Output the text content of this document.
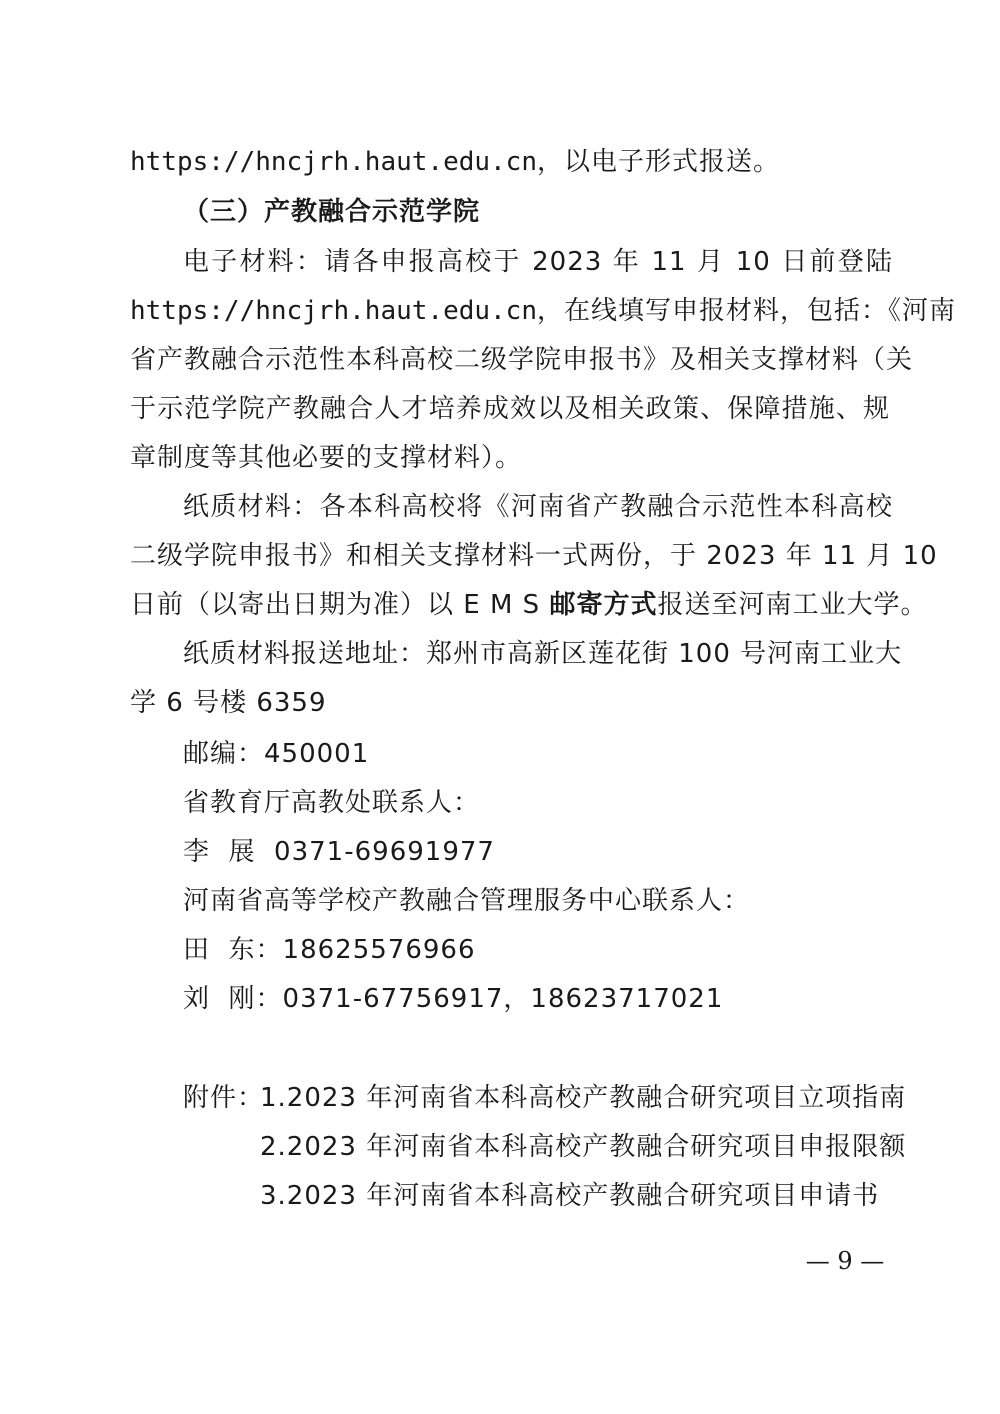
https://hncjrh.haut.edu.cn，以电子形式报送。
（三）产教融合示范学院
电子材料：请各申报高校于 2023 年 11 月 10 日前登陆
https://hncjrh.haut.edu.cn，在线填写申报材料，包括：《河南
省产教融合示范性本科高校二级学院申报书》及相关支撑材料（关
于示范学院产教融合人才培养成效以及相关政策、保障措施、规
章制度等其他必要的支撑材料）。
纸质材料：各本科高校将《河南省产教融合示范性本科高校
二级学院申报书》和相关支撑材料一式两份，于 2023 年 11 月 10
日前（以寄出日期为准）以 E M S 邮寄方式报送至河南工业大学。
纸质材料报送地址：郑州市高新区莲花街 100 号河南工业大
学 6 号楼 6359
邮编：450001
省教育厅高教处联系人：
李  展  0371-69691977
河南省高等学校产教融合管理服务中心联系人：
田  东：18625576966
刘  刚：0371-67756917，18623717021
附件：
1.2023 年河南省本科高校产教融合研究项目立项指南
2.2023 年河南省本科高校产教融合研究项目申报限额
3.2023 年河南省本科高校产教融合研究项目申请书
— 9 —
